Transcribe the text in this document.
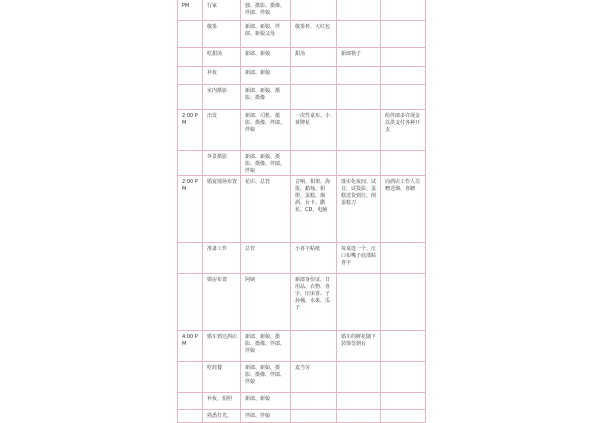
PM	行家	独、摄影、摄像、伴郎、伴娘			
	敬茶	新郎、新娘、伴郎、新娘父母	敬茶杯、大红包		
	吃甜汤	新郎、新娘	甜汤	新郎筷子	
	补妆	新郎、新娘			
	室内摄影	新郎、新娘、摄影、摄像			
2:00 PM	出发	新郎、司机、摄影、摄像、伴郎、伴娘	一次性桌布、小黄牌花		给伴郎多许现金以供支付各种开支
	外景摄影	新郎、新娘、摄影、摄像、伴郎、伴娘			
2:00 PM	婚宴现场布置	花店、总管	音响、相架、海报、蜡烛、相册、蛋糕、烟酒、台卡、撒花、CD、电脑	落实化妆间、试音、试投影、蛋糕送货到位、倒蛋糕刀	向酒店工作人员赠送烟、喜糖
	准备工作	总管	小喜字粘纸	每桌选一个、压口布嘴子底部贴喜字	
	婚房布置	阿姨	新郎身份证、日用品、衣物、喜字、压床喜、子孙桶、水果、瓜子		
4:00 PM	婚车到达酒店	新郎、新娘、摄影、摄像、伴郎、伴娘		婚车的鲜花随下装饰签到台	
	吃简餐	新郎、新娘、摄影、摄像、伴郎、伴娘	麦当劳		
	补妆，拍照	新郎、新娘			
	熟悉灯光、	伴郎、伴娘			
